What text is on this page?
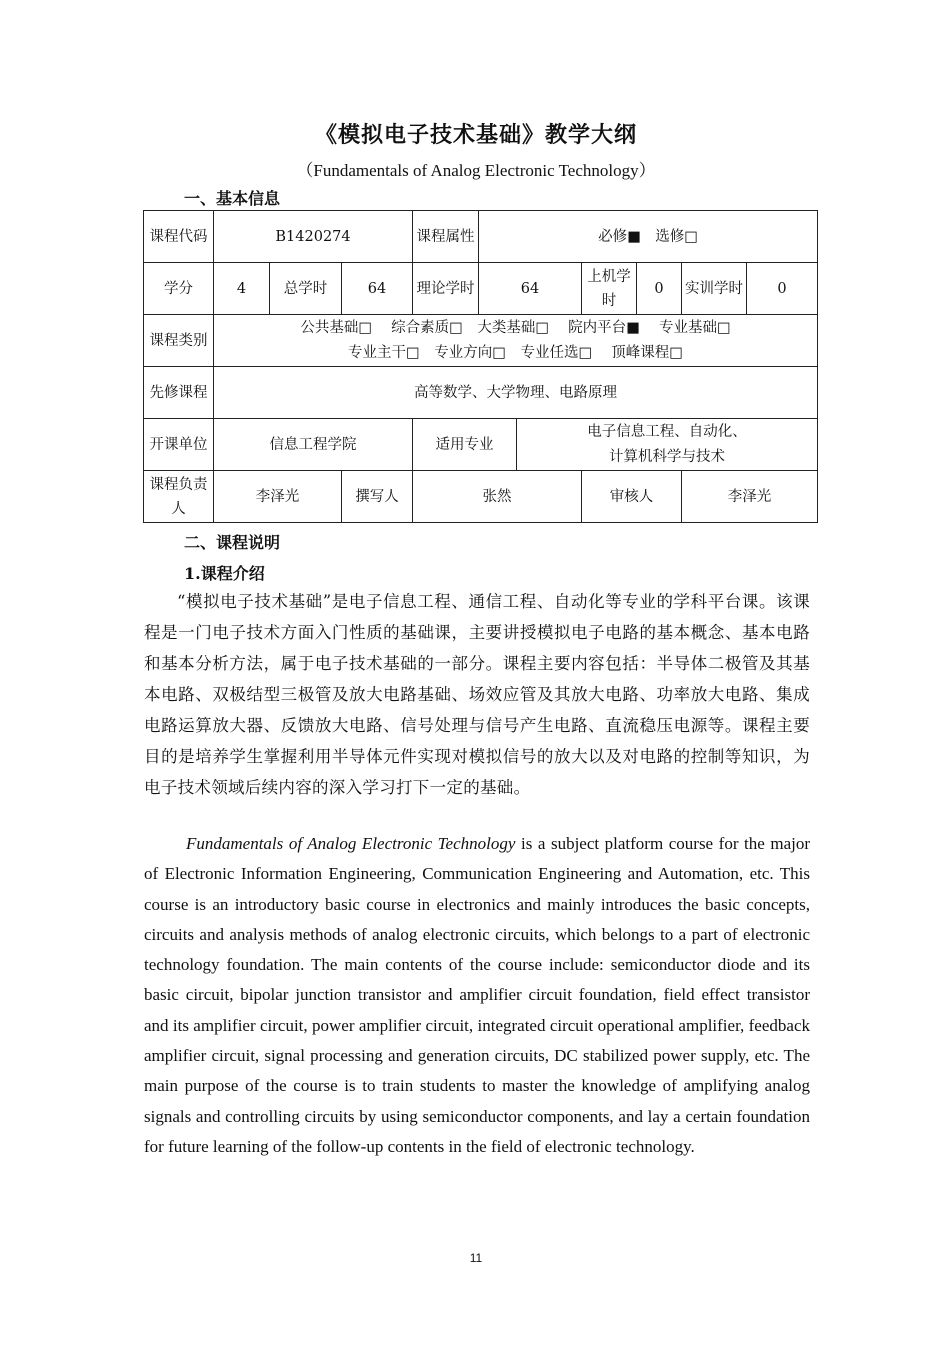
《模拟电子技术基础》教学大纲
（Fundamentals of Analog Electronic Technology）
一、基本信息
课程代码	B1420274			课程属性	必修■　选修□					
学分	4	总学时	64	理论学时	64		上机学时	0	实训学时	0
课程类别	公共基础□　 综合素质□　大类基础□　 院内平台■　 专业基础□
专业主干□　专业方向□　专业任选□　 顶峰课程□									

先修课程	高等数学、大学物理、电路原理									
开课单位	信息工程学院			适用专业		电子信息工程、自动化、
计算机科学与技术				

课程负责人	李泽光		撰写人	张然			审核人		李泽光	
二、课程说明
1.课程介绍
“模拟电子技术基础”是电子信息工程、通信工程、自动化等专业的学科平台课。该课程是一门电子技术方面入门性质的基础课，主要讲授模拟电子电路的基本概念、基本电路和基本分析方法，属于电子技术基础的一部分。课程主要内容包括：半导体二极管及其基本电路、双极结型三极管及放大电路基础、场效应管及其放大电路、功率放大电路、集成电路运算放大器、反馈放大电路、信号处理与信号产生电路、直流稳压电源等。课程主要目的是培养学生掌握利用半导体元件实现对模拟信号的放大以及对电路的控制等知识，为电子技术领域后续内容的深入学习打下一定的基础。
Fundamentals of Analog Electronic Technology is a subject platform course for the major of Electronic Information Engineering, Communication Engineering and Automation, etc. This course is an introductory basic course in electronics and mainly introduces the basic concepts, circuits and analysis methods of analog electronic circuits, which belongs to a part of electronic technology foundation. The main contents of the course include: semiconductor diode and its basic circuit, bipolar junction transistor and amplifier circuit foundation, field effect transistor and its amplifier circuit, power amplifier circuit, integrated circuit operational amplifier, feedback amplifier circuit, signal processing and generation circuits, DC stabilized power supply, etc. The main purpose of the course is to train students to master the knowledge of amplifying analog signals and controlling circuits by using semiconductor components, and lay a certain foundation for future learning of the follow-up contents in the field of electronic technology.
11
